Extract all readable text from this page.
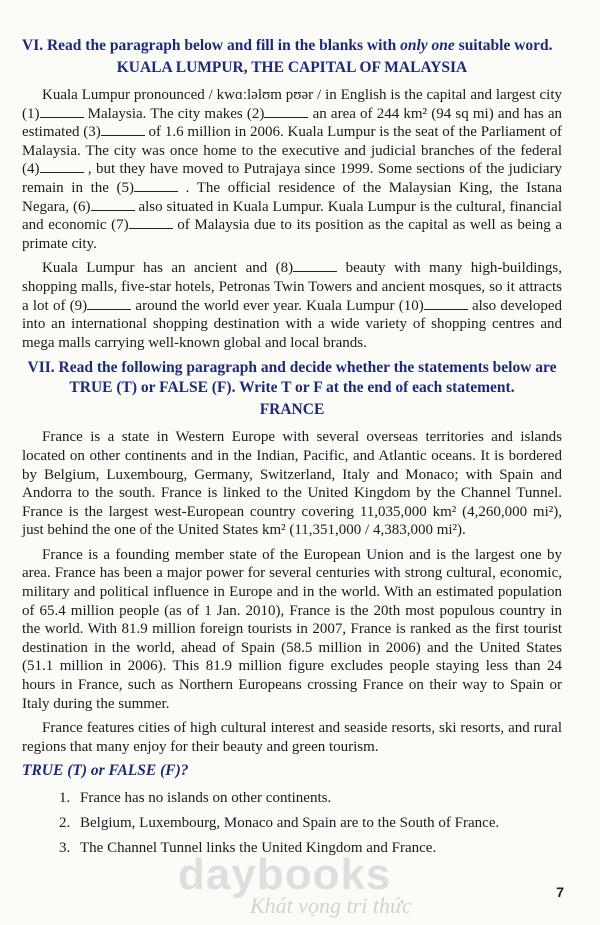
VI. Read the paragraph below and fill in the blanks with only one suitable word.
KUALA LUMPUR, THE CAPITAL OF MALAYSIA

Kuala Lumpur pronounced / kwɑːləlʊm pʊər / in English is the capital and largest city (1)	Malaysia. The city makes (2)	an area of 244 km² (94 sq mi) and has an estimated (3)	of 1.6 million in 2006. Kuala Lumpur is the seat of the Parliament of Malaysia. The city was once home to the executive and judicial branches of the federal (4)	, but they have moved to Putrajaya since 1999. Some sections of the judiciary remain in the (5)	. The official residence of the Malaysian King, the Istana Negara, (6)	also situated in Kuala Lumpur. Kuala Lumpur is the cultural, financial and economic (7)	of Malaysia due to its position as the capital as well as being a primate city.

Kuala Lumpur has an ancient and (8)	beauty with many high-buildings, shopping malls, five-star hotels, Petronas Twin Towers and ancient mosques, so it attracts a lot of (9)	around the world ever year. Kuala Lumpur (10)	also developed into an international shopping destination with a wide variety of shopping centres and mega malls carrying well-known global and local brands.

VII. Read the following paragraph and decide whether the statements below are TRUE (T) or FALSE (F). Write T or F at the end of each statement.
FRANCE

France is a state in Western Europe with several overseas territories and islands located on other continents and in the Indian, Pacific, and Atlantic oceans. It is bordered by Belgium, Luxembourg, Germany, Switzerland, Italy and Monaco; with Spain and Andorra to the south. France is linked to the United Kingdom by the Channel Tunnel. France is the largest west-European country covering 11,035,000 km² (4,260,000 mi²), just behind the one of the United States km² (11,351,000 / 4,383,000 mi²).

France is a founding member state of the European Union and is the largest one by area. France has been a major power for several centuries with strong cultural, economic, military and political influence in Europe and in the world. With an estimated population of 65.4 million people (as of 1 Jan. 2010), France is the 20th most populous country in the world. With 81.9 million foreign tourists in 2007, France is ranked as the first tourist destination in the world, ahead of Spain (58.5 million in 2006) and the United States (51.1 million in 2006). This 81.9 million figure excludes people staying less than 24 hours in France, such as Northern Europeans crossing France on their way to Spain or Italy during the summer.

France features cities of high cultural interest and seaside resorts, ski resorts, and rural regions that many enjoy for their beauty and green tourism.

TRUE (T) or FALSE (F)?
1. France has no islands on other continents.
2. Belgium, Luxembourg, Monaco and Spain are to the South of France.
3. The Channel Tunnel links the United Kingdom and France.
daybooks
Khát vọng tri thức
7
